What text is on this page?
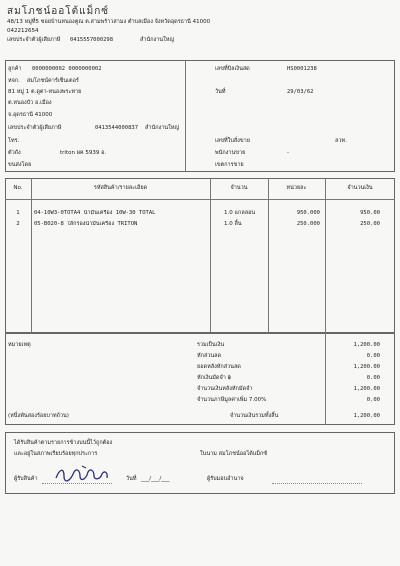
สมโภชน์ออโต้แม็กซ์
48/13 หมู่ที่5 ซอยบ้านหนองคูณ ต.สามพร้าวสามง ตำบลเมือง จังหวัดอุดรธานี 41000
042212654
เลขประจำตัวผู้เสียภาษี 0415557000298	สำนักงานใหญ่
ลูกค้า 0000000002 0000000002
หจก. สมโภชน์คาร์เซ็นเตอร์
81 หมู่ 1 ต.ดูตา-หนองพระทาย
ต.หนองบัว อ.เมือง
จ.อุดรธานี 41000
เลขประจำตัวผู้เสียภาษี	0413544000837 สำนักงานใหญ่
โทร.
ตัวถัง	triton ผค 5939 อ.
ขนส่งโดย
เลขที่บิลเงินสด	HS0001238
วันที่	29/03/62
เลขที่ใบสั่งขาย	ลวท.
พนักงานขาย	-
เขตการขาย
No.	รหัสสินค้า/รายละเอียด	จำนวน	หน่วยละ	จำนวนเงิน
1	04-10W3-0TOTA4 น้ำมันเครื่อง 10W-30 TOTAL	1.0 แกลลอน	950.000	950.00
2	05-B020-8 ใส้กรองน้ำมันเครื่อง TRITON	1.0 ลิ้น	250.000	250.00
หมายเหตุ
(หนึ่งพันสองร้อยบาทถ้วน)
รวมเป็นเงิน	1,200.00
หักส่วนลด	0.00
ยอดหลังหักส่วนลด	1,200.00
หักเงินมัดจำ ฿	0.00
จำนวนเงินหลังหักมัดจำ	1,200.00
จำนวนภาษีมูลค่าเพิ่ม 7.00%	0.00
จำนวนเงินรวมทั้งสิ้น	1,200.00
ได้รับสินค้าตามรายการข้างบนนี้ไว้ถูกต้อง
และอยู่ในสภาพเรียบร้อยทุกประการ	ในนาม สมโภชน์ออโต้แม็กซ์
ผู้รับสินค้า	วันที่ ___/___/___	ผู้รับมอบอำนาจ
